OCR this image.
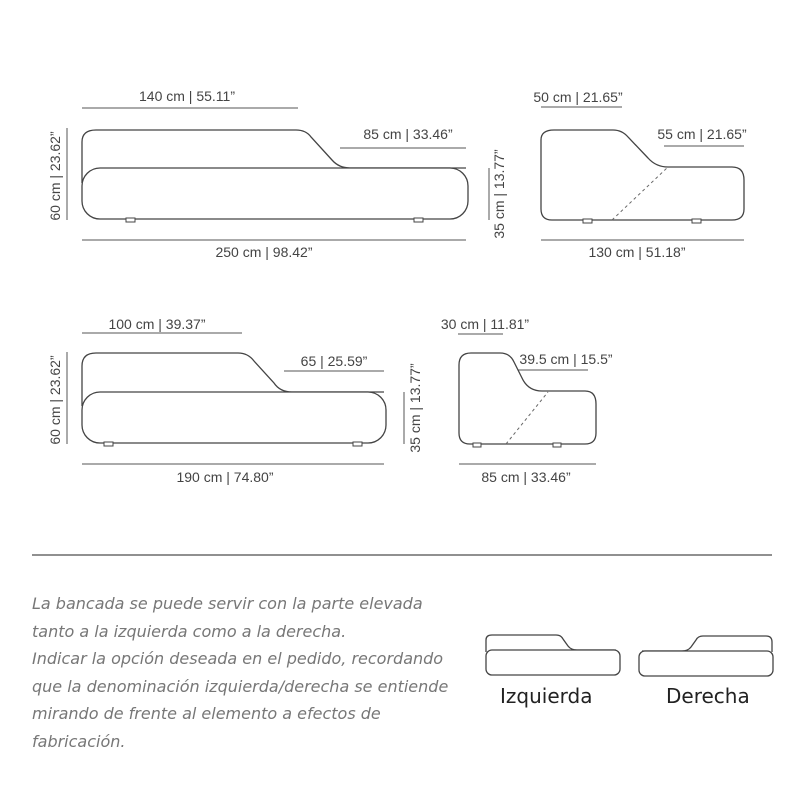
140 cm | 55.11”
85 cm | 33.46”
60 cm | 23.62”
250 cm | 98.42”
50 cm | 21.65”
55 cm | 21.65”
35 cm | 13.77”
130 cm | 51.18”
100 cm | 39.37”
65 | 25.59”
60 cm | 23.62”
190 cm | 74.80”
30 cm | 11.81”
39.5 cm | 15.5”
35 cm | 13.77”
85 cm | 33.46”
La bancada se puede servir con la parte elevada
tanto a la izquierda como a la derecha.
Indicar la opción deseada en el pedido, recordando
que la denominación izquierda/derecha se entiende
mirando de frente al elemento a efectos de
fabricación.
Izquierda	Derecha
